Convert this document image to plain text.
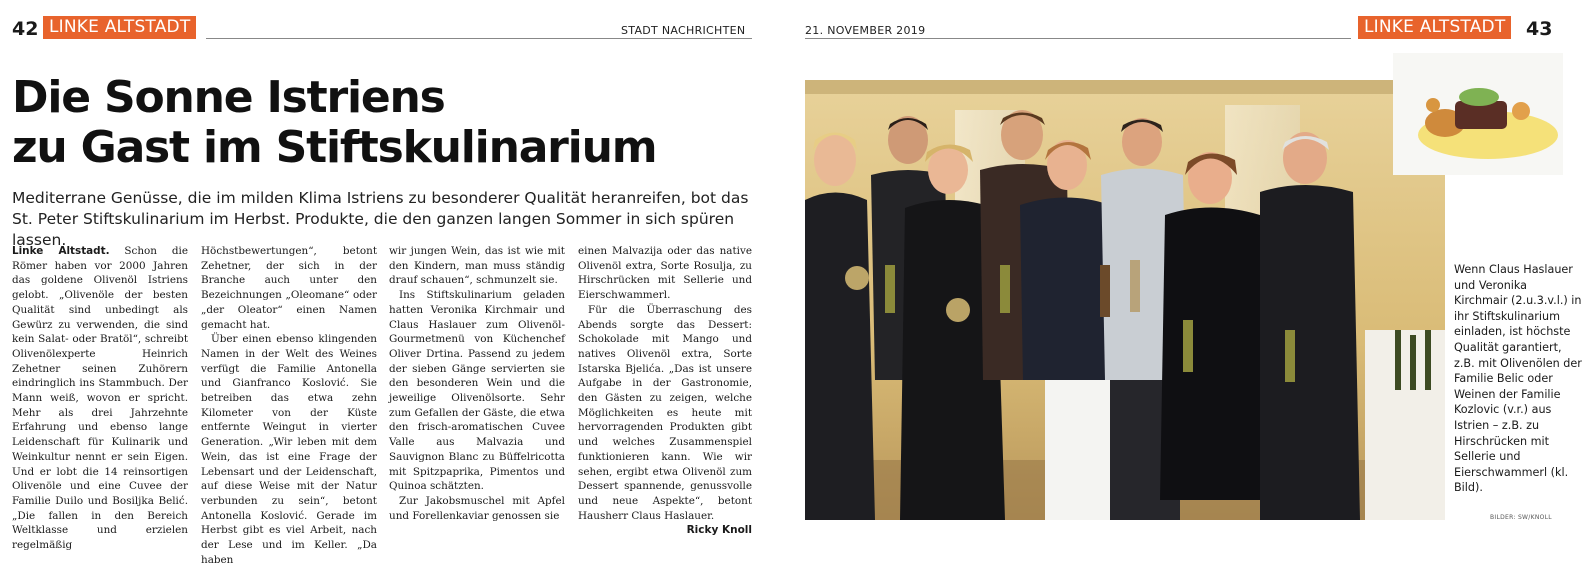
42 LINKE ALTSTADT	STADT NACHRICHTEN	21. NOVEMBER 2019	LINKE ALTSTADT	43
Die Sonne Istriens
zu Gast im Stiftskulinarium
Mediterrane Genüsse, die im milden Klima Istriens zu besonderer Qualität heranreifen, bot das St. Peter Stiftskulinarium im Herbst. Produkte, die den ganzen langen Sommer in sich spüren lassen.

Linke Altstadt. Schon die Römer haben vor 2000 Jahren das goldene Olivenöl Istriens gelobt. „Olivenöle der besten Qualität sind unbedingt als Gewürz zu verwenden, die sind kein Salat- oder Bratöl“, schreibt Olivenölexperte Heinrich Zehetner seinen Zuhörern eindringlich ins Stammbuch. Der Mann weiß, wovon er spricht. Mehr als drei Jahrzehnte Erfahrung und ebenso lange Leidenschaft für Kulinarik und Weinkultur nennt er sein Eigen. Und er lobt die 14 reinsortigen Olivenöle und eine Cuvee der Familie Duilo und Bosiljka Belić. „Die fallen in den Bereich Weltklasse und erzielen regelmäßig

Höchstbewertungen“, betont Zehetner, der sich in der Branche auch unter den Bezeichnungen „Oleomane“ oder „der Oleator“ einen Namen gemacht hat.

Über einen ebenso klingenden Namen in der Welt des Weines verfügt die Familie Antonella und Gianfranco Koslović. Sie betreiben das etwa zehn Kilometer von der Küste entfernte Weingut in vierter Generation. „Wir leben mit dem Wein, das ist eine Frage der Lebensart und der Leidenschaft, auf diese Weise mit der Natur verbunden zu sein“, betont Antonella Koslović. Gerade im Herbst gibt es viel Arbeit, nach der Lese und im Keller. „Da haben

wir jungen Wein, das ist wie mit den Kindern, man muss ständig drauf schauen“, schmunzelt sie.

Ins Stiftskulinarium geladen hatten Veronika Kirchmair und Claus Haslauer zum Olivenöl-Gourmetmenü von Küchenchef Oliver Drtina. Passend zu jedem der sieben Gänge servierten sie den besonderen Wein und die jeweilige Olivenölsorte. Sehr zum Gefallen der Gäste, die etwa den frisch-aromatischen Cuvee Valle aus Malvazia und Sauvignon Blanc zu Büffelricotta mit Spitzpaprika, Pimentos und Quinoa schätzten.

Zur Jakobsmuschel mit Apfel und Forellenkaviar genossen sie

einen Malvazija oder das native Olivenöl extra, Sorte Rosulja, zu Hirschrücken mit Sellerie und Eierschwammerl.

Für die Überraschung des Abends sorgte das Dessert: Schokolade mit Mango und natives Olivenöl extra, Sorte Istarska Bjelića. „Das ist unsere Aufgabe in der Gastronomie, den Gästen zu zeigen, welche Möglichkeiten es heute mit hervorragenden Produkten gibt und welches Zusammenspiel funktionieren kann. Wie wir sehen, ergibt etwa Olivenöl zum Dessert spannende, genussvolle und neue Aspekte“, betont Hausherr Claus Haslauer.

Ricky Knoll
Wenn Claus Haslauer und Veronika Kirchmair (2.u.3.v.l.) in ihr Stiftskulinarium einladen, ist höchste Qualität garantiert, z.B. mit Olivenölen der Familie Belic oder Weinen der Familie Kozlovic (v.r.) aus Istrien – z.B. zu Hirschrücken mit Sellerie und Eierschwammerl (kl. Bild).
BILDER: SW/KNOLL
